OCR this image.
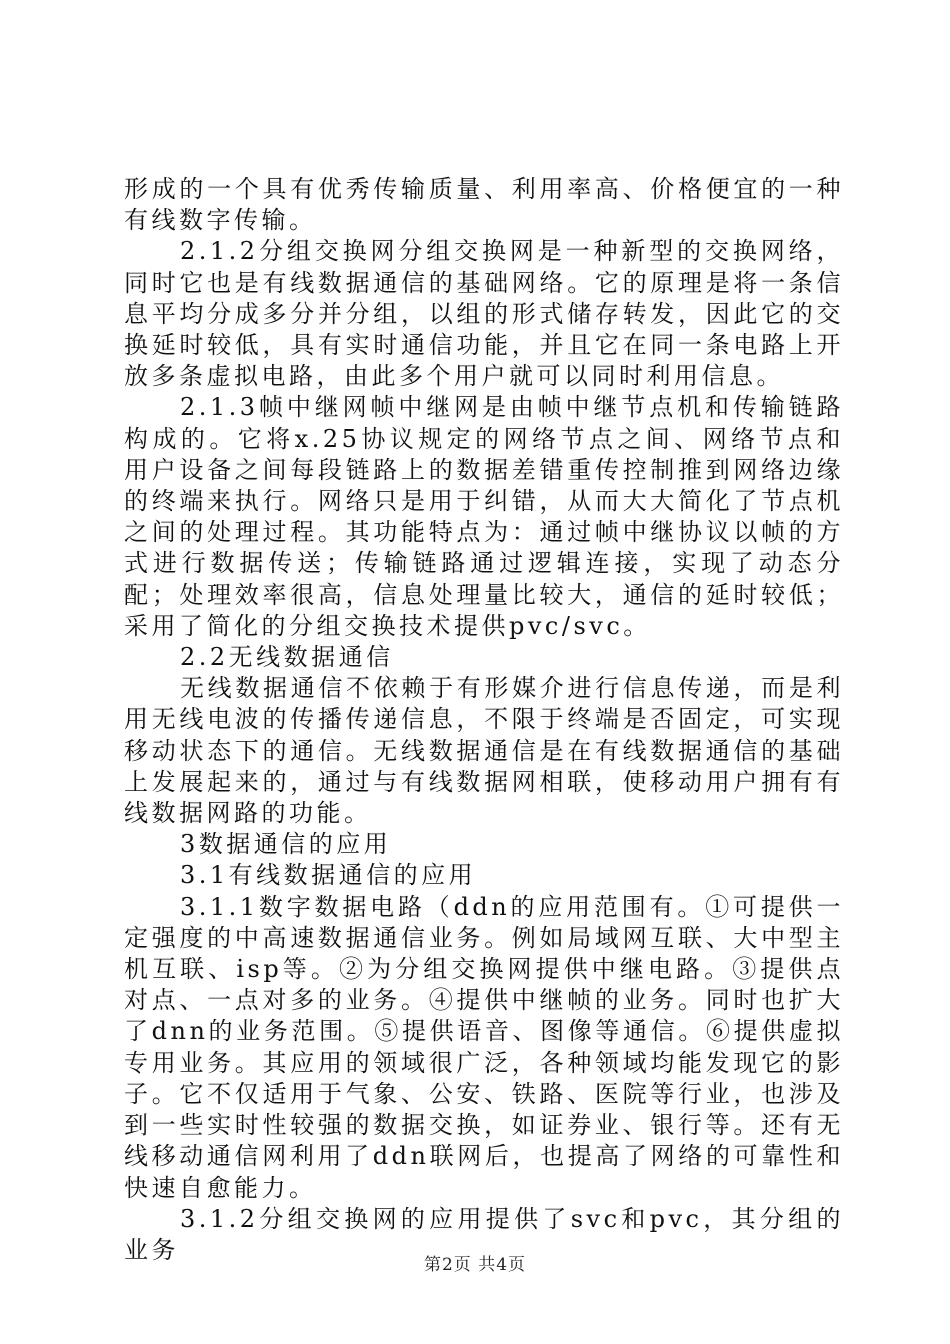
形成的一个具有优秀传输质量、利用率高、价格便宜的一种有线数字传输。

2.1.2分组交换网分组交换网是一种新型的交换网络，同时它也是有线数据通信的基础网络。它的原理是将一条信息平均分成多分并分组，以组的形式储存转发，因此它的交换延时较低，具有实时通信功能，并且它在同一条电路上开放多条虚拟电路，由此多个用户就可以同时利用信息。

2.1.3帧中继网帧中继网是由帧中继节点机和传输链路构成的。它将x.25协议规定的网络节点之间、网络节点和用户设备之间每段链路上的数据差错重传控制推到网络边缘的终端来执行。网络只是用于纠错，从而大大简化了节点机之间的处理过程。其功能特点为：通过帧中继协议以帧的方式进行数据传送；传输链路通过逻辑连接，实现了动态分配；处理效率很高，信息处理量比较大，通信的延时较低；采用了简化的分组交换技术提供pvc/svc。

2.2无线数据通信

无线数据通信不依赖于有形媒介进行信息传递，而是利用无线电波的传播传递信息，不限于终端是否固定，可实现移动状态下的通信。无线数据通信是在有线数据通信的基础上发展起来的，通过与有线数据网相联，使移动用户拥有有线数据网路的功能。

3数据通信的应用

3.1有线数据通信的应用

3.1.1数字数据电路（ddn的应用范围有。①可提供一定强度的中高速数据通信业务。例如局域网互联、大中型主机互联、isp等。②为分组交换网提供中继电路。③提供点对点、一点对多的业务。④提供中继帧的业务。同时也扩大了dnn的业务范围。⑤提供语音、图像等通信。⑥提供虚拟专用业务。其应用的领域很广泛，各种领域均能发现它的影子。它不仅适用于气象、公安、铁路、医院等行业，也涉及到一些实时性较强的数据交换，如证券业、银行等。还有无线移动通信网利用了ddn联网后，也提高了网络的可靠性和快速自愈能力。

3.1.2分组交换网的应用提供了svc和pvc，其分组的业务

第2页 共4页
